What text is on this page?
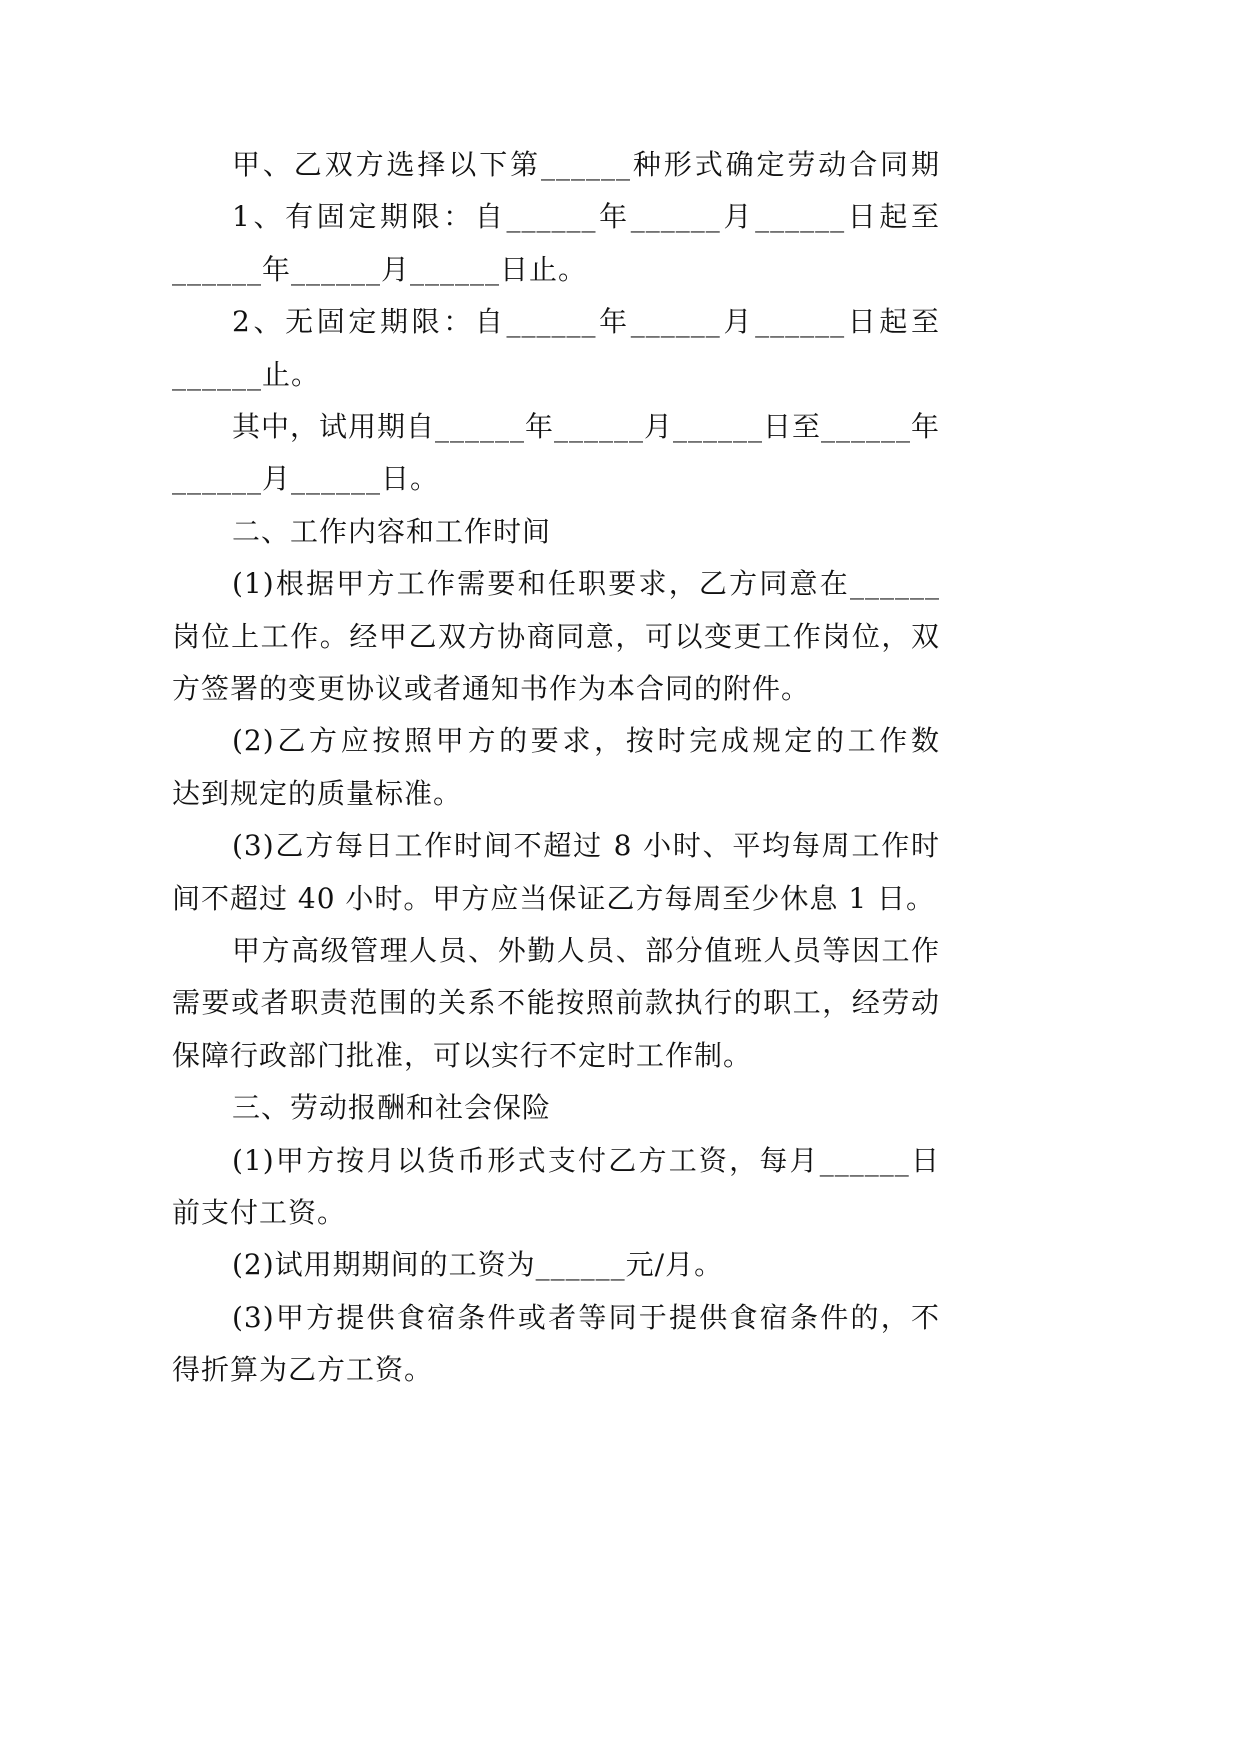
甲、乙双方选择以下第______种形式确定劳动合同期
1、有固定期限：自______年______月______日起至
______年______月______日止。
2、无固定期限：自______年______月______日起至
______止。
其中，试用期自______年______月______日至______年
______月______日。
二、工作内容和工作时间
(1)根据甲方工作需要和任职要求，乙方同意在______
岗位上工作。经甲乙双方协商同意，可以变更工作岗位，双
方签署的变更协议或者通知书作为本合同的附件。
(2)乙方应按照甲方的要求，按时完成规定的工作数
达到规定的质量标准。
(3)乙方每日工作时间不超过 8 小时、平均每周工作时
间不超过 40 小时。甲方应当保证乙方每周至少休息 1 日。
甲方高级管理人员、外勤人员、部分值班人员等因工作
需要或者职责范围的关系不能按照前款执行的职工，经劳动
保障行政部门批准，可以实行不定时工作制。
三、劳动报酬和社会保险
(1)甲方按月以货币形式支付乙方工资，每月______日
前支付工资。
(2)试用期期间的工资为______元/月。
(3)甲方提供食宿条件或者等同于提供食宿条件的，不
得折算为乙方工资。
